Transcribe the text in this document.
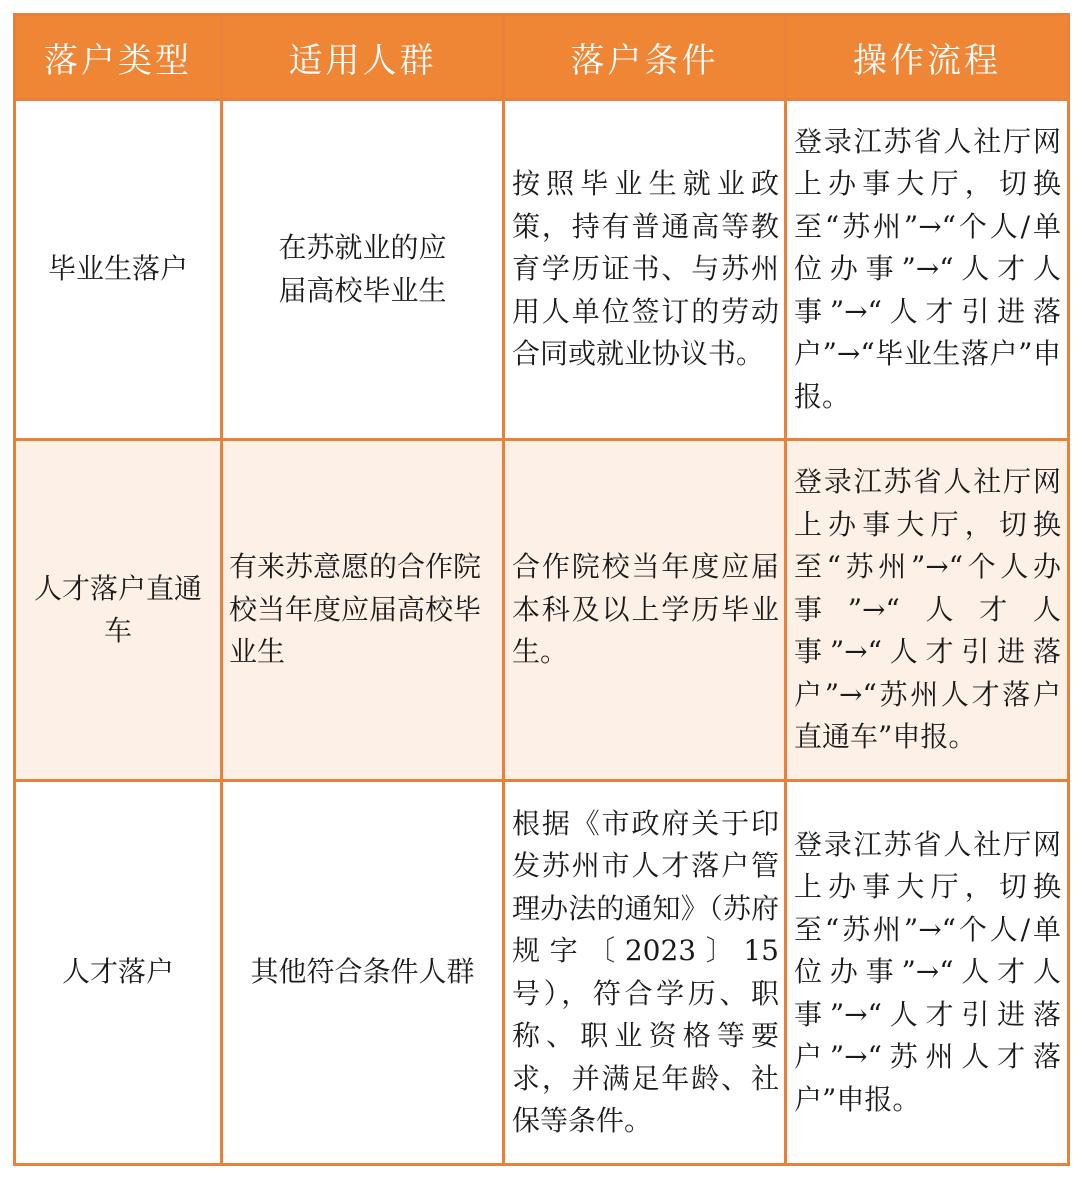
落户类型	适用人群	落户条件	操作流程

毕业生落户	在苏就业的应届高校毕业生	按照毕业生就业政策，持有普通高等教育学历证书、与苏州用人单位签订的劳动合同或就业协议书。	登录江苏省人社厅网上办事大厅，切换至“苏州”→“个人/单位办事”→“人才人事”→“人才引进落户”→“毕业生落户”申报。

人才落户直通车	有来苏意愿的合作院校当年度应届高校毕业生	合作院校当年度应届本科及以上学历毕业生。	登录江苏省人社厅网上办事大厅，切换至“苏州”→“个人办事”→“人才人事”→“人才引进落户”→“苏州人才落户直通车”申报。

人才落户	其他符合条件人群	根据《市政府关于印发苏州市人才落户管理办法的通知》（苏府规字〔2023〕15号），符合学历、职称、职业资格等要求，并满足年龄、社保等条件。	登录江苏省人社厅网上办事大厅，切换至“苏州”→“个人/单位办事”→“人才人事”→“人才引进落户”→“苏州人才落户”申报。
